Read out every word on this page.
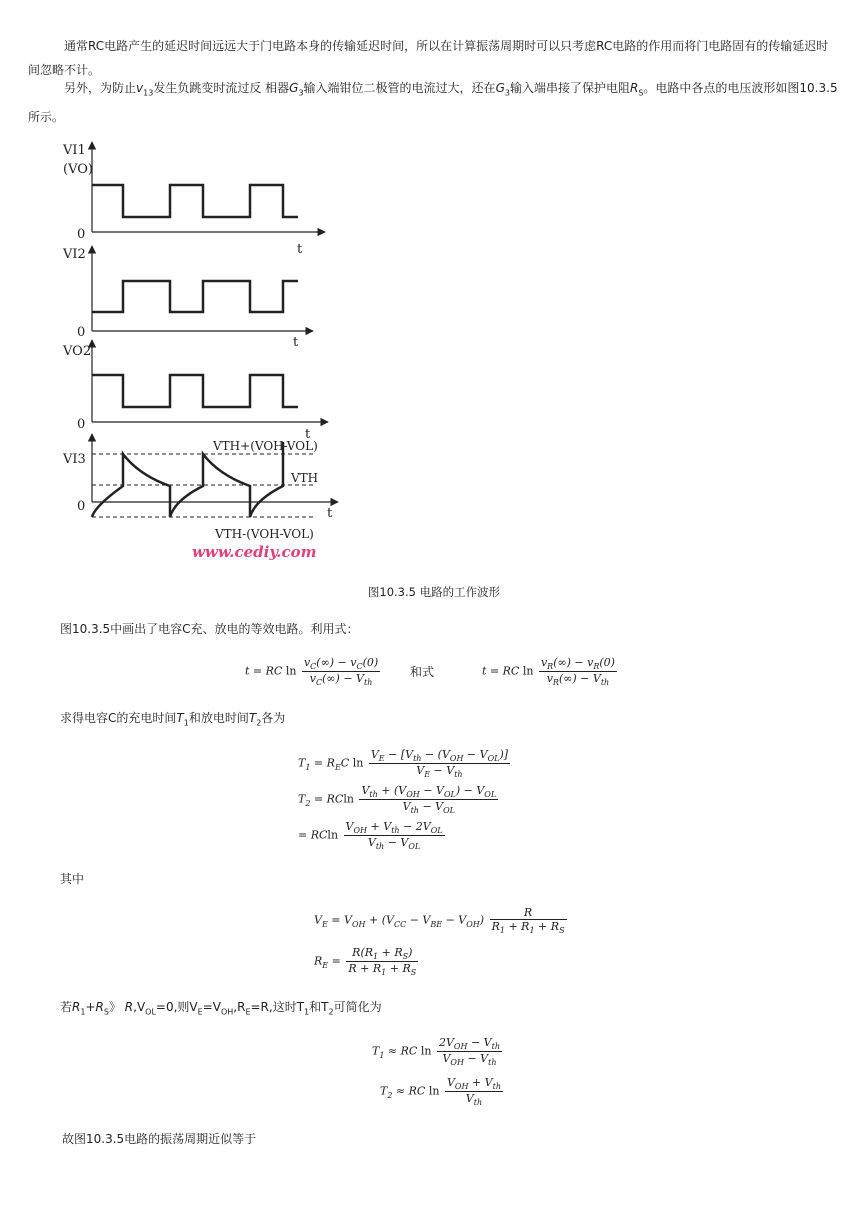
通常RC电路产生的延迟时间远远大于门电路本身的传输延迟时间，所以在计算振荡周期时可以只考虑RC电路的作用而将门电路固有的传输延迟时间忽略不计。
另外，为防止$v_{13}$发生负跳变时流过反 相器$G_3$输入端钳位二极管的电流过大，还在$G_3$输入端串接了保护电阻$R_S$。电路中各点的电压波形如图10.3.5所示。
VI1
(VO)
0
t
VI2
0
t
VO2
0
t
VI3
0	t
VTH+(VOH-VOL)
VTH
VTH-(VOH-VOL)
www.cediy.com
图10.3.5 电路的工作波形
图10.3.5中画出了电容C充、放电的等效电路。利用式：
t = RC $\ln \frac{v_C(\infty) - v_C(0)}{v_C(\infty) - V_{th}}$ 和式	t = RC $\ln \frac{v_R(\infty) - v_R(0)}{v_R(\infty) - V_{th}}$
求得电容C的充电时间$T_1$和放电时间$T_2$各为
$T_1 = R_EC$ $\ln \frac{V_E - [V_{th} - (V_{OH} - V_{OL})]}{V_E - V_{th}}$
$T_2 = RCln \frac{V_{th} + (V_{OH} - V_{OL}) - V_{OL}}{V_{th} - V_{OL}}$
= RCln $\frac{V_{OH} + V_{th} - 2V_{OL}}{V_{th} - V_{OL}}$
其中
$V_E = V_{OH} + (V_{CC} - V_{BE} - V_{OH}) \frac{R}{R_1 + R_1 + R_S}$
$R_E = \frac{R(R_1 + R_S)}{R + R_1 + R_S}$
若$R_1+R_S$》 $R,V_{OL}=0$,则$V_E=V_{OH},R_E=R$,这时$T_1$和$T_2$可简化为
$T_1$ ≈ RC $\ln \frac{2V_{OH} - V_{th}}{V_{OH} - V_{th}}$
$T_2$ ≈ RC $\ln \frac{V_{OH} + V_{th}}{V_{th}}$
故图10.3.5电路的振荡周期近似等于
